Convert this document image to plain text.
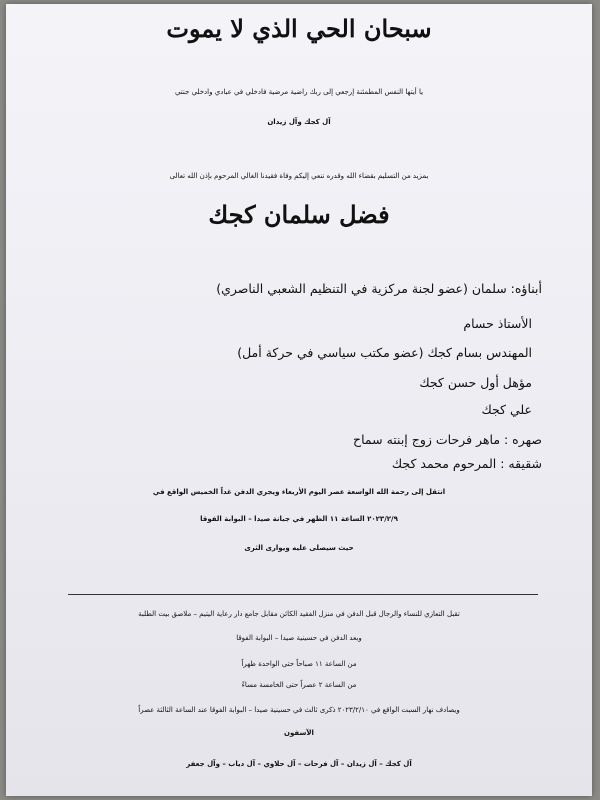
سبحان الحي الذي لا يموت
يا أيتها النفس المطمئنة إرجعي إلى ربك راضية مرضية فادخلي في عبادي وادخلي جنتي
آل كجك وآل زيدان
بمزيد من التسليم بقضاء الله وقدره ننعي إليكم وفاة فقيدنا الغالي المرحوم بإذن الله تعالى
فضل سلمان كجك
أبناؤه: سلمان (عضو لجنة مركزية في التنظيم الشعبي الناصري)
الأستاذ حسام
المهندس بسام كجك (عضو مكتب سياسي في حركة أمل)
مؤهل أول حسن كجك
علي كجك
صهره : ماهر فرحات زوج إبنته سماح
شقيقه : المرحوم محمد كجك
انتقل إلى رحمة الله الواسعة عصر اليوم الأربعاء ويجري الدفن غداً الخميس الواقع في
٢٠٢٣/٢/٩ الساعة ١١ الظهر في جبانة صيدا – البوابة الفوقا
حيث سيصلى عليه ويوارى الثرى
تقبل التعازي للنساء والرجال قبل الدفن في منزل الفقيد الكائن مقابل جامع دار رعاية اليتيم – ملاصق بيت الطلبة
وبعد الدفن في حسينية صيدا – البوابة الفوقا
من الساعة ١١ صباحاً حتى الواحدة ظهراً
من الساعة ٢ عصراً حتى الخامسة مساءً
ويصادف نهار السبت الواقع في ٢٠٢٣/٢/١٠ ذكرى ثالث في حسينية صيدا – البوابة الفوقا عند الساعة الثالثة عصراً
الآسفون
آل كجك – آل زيدان – آل فرحات – آل حلاوي – آل دياب – وآل جعفر
